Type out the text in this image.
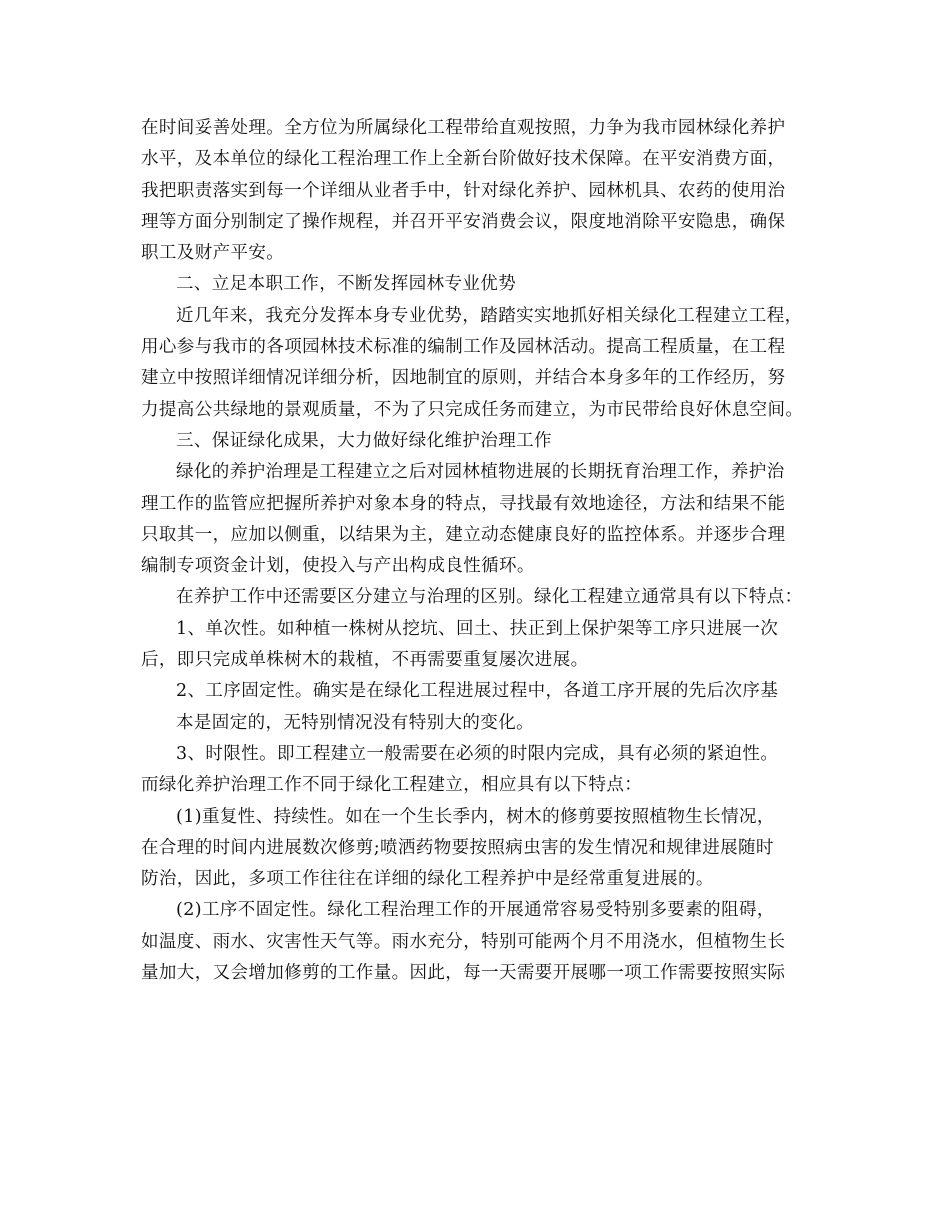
在时间妥善处理。全方位为所属绿化工程带给直观按照，力争为我市园林绿化养护
水平，及本单位的绿化工程治理工作上全新台阶做好技术保障。在平安消费方面，
我把职责落实到每一个详细从业者手中，针对绿化养护、园林机具、农药的使用治
理等方面分别制定了操作规程，并召开平安消费会议，限度地消除平安隐患，确保
职工及财产平安。
二、立足本职工作，不断发挥园林专业优势
近几年来，我充分发挥本身专业优势，踏踏实实地抓好相关绿化工程建立工程，
用心参与我市的各项园林技术标准的编制工作及园林活动。提高工程质量，在工程
建立中按照详细情况详细分析，因地制宜的原则，并结合本身多年的工作经历，努
力提高公共绿地的景观质量，不为了只完成任务而建立，为市民带给良好休息空间。
三、保证绿化成果，大力做好绿化维护治理工作
绿化的养护治理是工程建立之后对园林植物进展的长期抚育治理工作，养护治
理工作的监管应把握所养护对象本身的特点，寻找最有效地途径，方法和结果不能
只取其一，应加以侧重，以结果为主，建立动态健康良好的监控体系。并逐步合理
编制专项资金计划，使投入与产出构成良性循环。
在养护工作中还需要区分建立与治理的区别。绿化工程建立通常具有以下特点：
1、单次性。如种植一株树从挖坑、回土、扶正到上保护架等工序只进展一次
后，即只完成单株树木的栽植，不再需要重复屡次进展。
2、工序固定性。确实是在绿化工程进展过程中，各道工序开展的先后次序基
本是固定的，无特别情况没有特别大的变化。
3、时限性。即工程建立一般需要在必须的时限内完成，具有必须的紧迫性。
而绿化养护治理工作不同于绿化工程建立，相应具有以下特点：
(1)重复性、持续性。如在一个生长季内，树木的修剪要按照植物生长情况，
在合理的时间内进展数次修剪;喷洒药物要按照病虫害的发生情况和规律进展随时
防治，因此，多项工作往往在详细的绿化工程养护中是经常重复进展的。
(2)工序不固定性。绿化工程治理工作的开展通常容易受特别多要素的阻碍，
如温度、雨水、灾害性天气等。雨水充分，特别可能两个月不用浇水，但植物生长
量加大，又会增加修剪的工作量。因此，每一天需要开展哪一项工作需要按照实际
